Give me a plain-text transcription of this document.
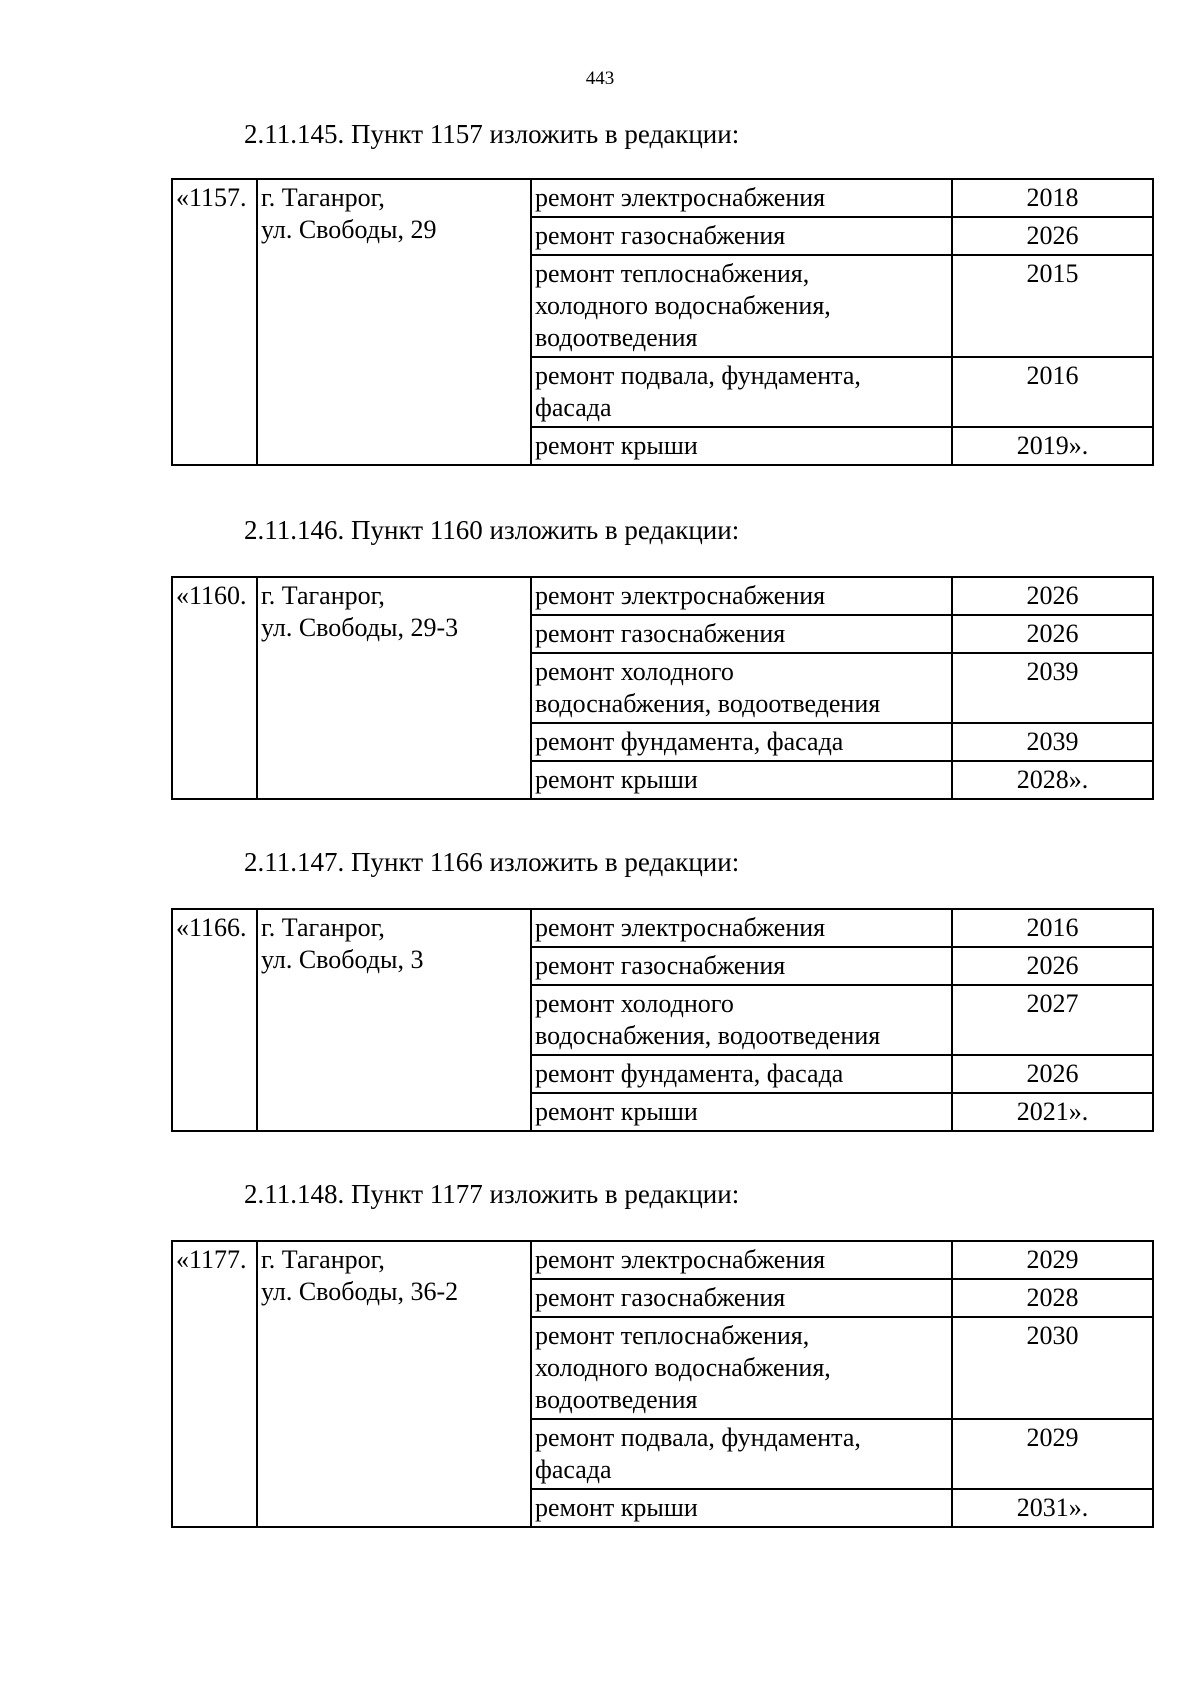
443
2.11.145. Пункт 1157 изложить в редакции:
«1157.	г. Таганрог,
ул. Свободы, 29	ремонт электроснабжения	2018

		ремонт газоснабжения	2026

		ремонт теплоснабжения,
холодного водоснабжения,
водоотведения	2015

		ремонт подвала, фундамента,
фасада	2016

		ремонт крыши	2019».
2.11.146. Пункт 1160 изложить в редакции:
«1160.	г. Таганрог,
ул. Свободы, 29-3	ремонт электроснабжения	2026

		ремонт газоснабжения	2026

		ремонт холодного
водоснабжения, водоотведения	2039

		ремонт фундамента, фасада	2039

		ремонт крыши	2028».
2.11.147. Пункт 1166 изложить в редакции:
«1166.	г. Таганрог,
ул. Свободы, 3	ремонт электроснабжения	2016

		ремонт газоснабжения	2026

		ремонт холодного
водоснабжения, водоотведения	2027

		ремонт фундамента, фасада	2026

		ремонт крыши	2021».
2.11.148. Пункт 1177 изложить в редакции:
«1177.	г. Таганрог,
ул. Свободы, 36-2	ремонт электроснабжения	2029

		ремонт газоснабжения	2028

		ремонт теплоснабжения,
холодного водоснабжения,
водоотведения	2030

		ремонт подвала, фундамента,
фасада	2029

		ремонт крыши	2031».
